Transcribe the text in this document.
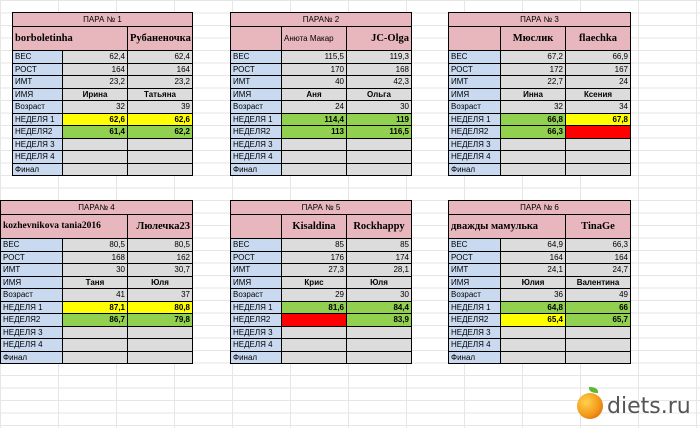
ПАРА № 1		
borboletinha		Рубаненочка
ВЕС	62,4	62,4
РОСТ	164	164
ИМТ	23,2	23,2
ИМЯ	Ирина	Татьяна
Возраст	32	39
НЕДЕЛЯ 1	62,6	62,6
НЕДЕЛЯ2	61,4	62,2
НЕДЕЛЯ 3		
НЕДЕЛЯ 4		
Финал		
ПАРА№ 2		
	Анюта Макар	JC-Olga
ВЕС	115,5	119,3
РОСТ	170	168
ИМТ	40	42,3
ИМЯ	Аня	Ольга
Возраст	24	30
НЕДЕЛЯ 1	114,4	119
НЕДЕЛЯ2	113	116,5
НЕДЕЛЯ 3		
НЕДЕЛЯ 4		
Финал		
ПАРА № 3		
	Мюслик	flaechka
ВЕС	67,2	66,9
РОСТ	172	167
ИМТ	22,7	24
ИМЯ	Инна	Ксения
Возраст	32	34
НЕДЕЛЯ 1	66,8	67,8
НЕДЕЛЯ2	66,3	
НЕДЕЛЯ 3		
НЕДЕЛЯ 4		
Финал		
ПАРА№ 4		
kozhevnikova tania2016		Люлечка23
ВЕС	80,5	80,5
РОСТ	168	162
ИМТ	30	30,7
ИМЯ	Таня	Юля
Возраст	41	37
НЕДЕЛЯ 1	87,1	80,8
НЕДЕЛЯ2	86,7	79,8
НЕДЕЛЯ 3		
НЕДЕЛЯ 4		
Финал		
ПАРА № 5		
	Kisaldina	Rockhappy
ВЕС	85	85
РОСТ	176	174
ИМТ	27,3	28,1
ИМЯ	Крис	Юля
Возраст	29	30
НЕДЕЛЯ 1	81,6	84,4
НЕДЕЛЯ2		83,9
НЕДЕЛЯ 3		
НЕДЕЛЯ 4		
Финал		
ПАРА № 6		
дважды мамулька		TinaGe
ВЕС	64,9	66,3
РОСТ	164	164
ИМТ	24,1	24,7
ИМЯ	Юлия	Валентина
Возраст	36	49
НЕДЕЛЯ 1	64,8	66
НЕДЕЛЯ2	65,4	65,7
НЕДЕЛЯ 3		
НЕДЕЛЯ 4		
Финал		
diets.ru
